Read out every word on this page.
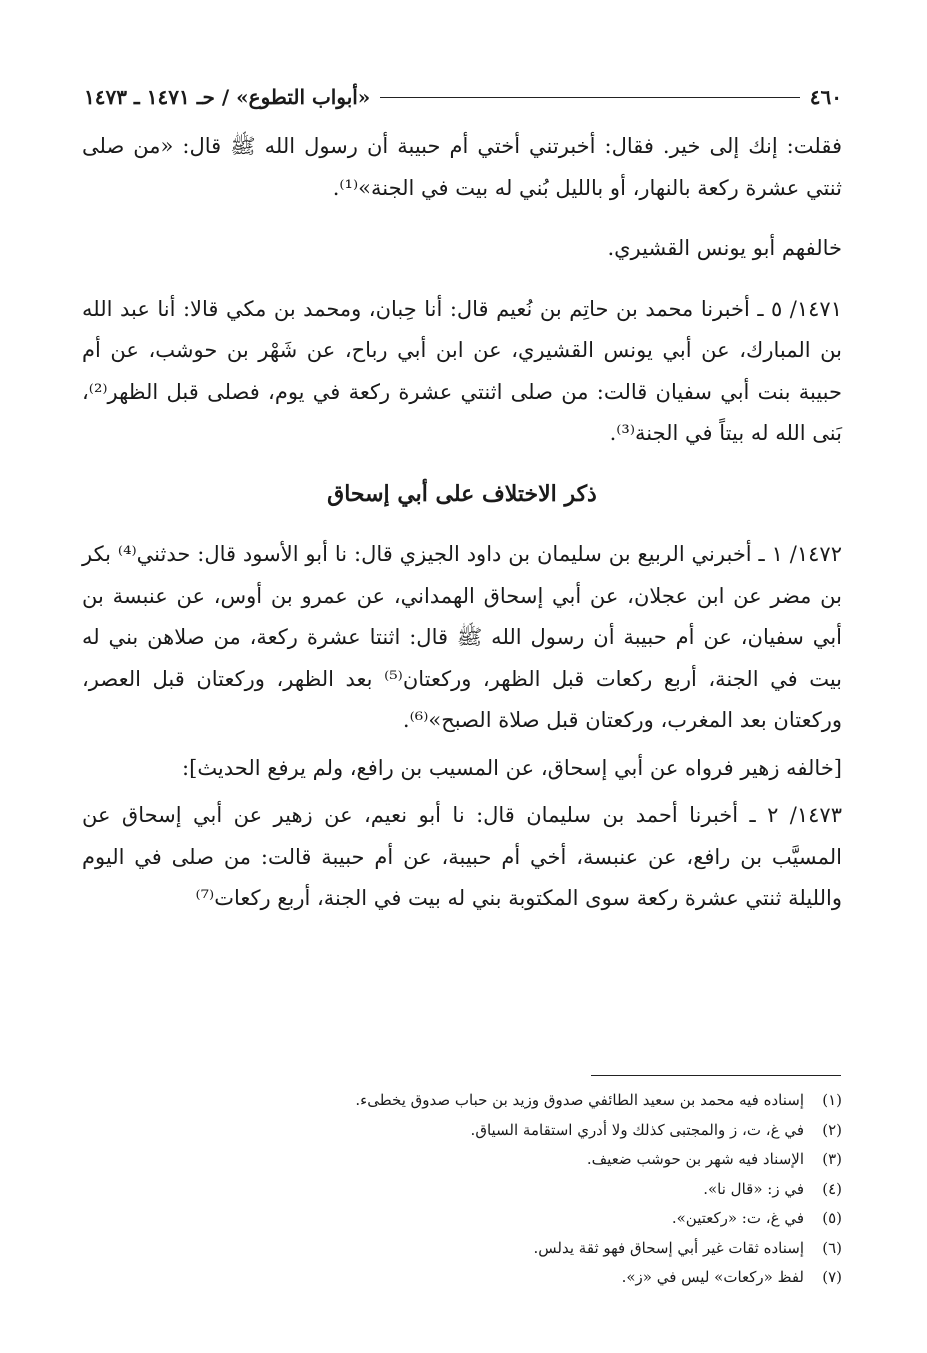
٤٦٠
«أبواب التطوع» / حـ ١٤٧١ ـ ١٤٧٣

فقلت: إنك إلى خير. فقال: أخبرتني أختي أم حبيبة أن رسول الله ﷺ قال: «من صلى ثنتي عشرة ركعة بالنهار، أو بالليل بُني له بيت في الجنة»⁽¹⁾.

خالفهم أبو يونس القشيري.

١٤٧١/ ٥ ـ أخبرنا محمد بن حاتِم بن نُعيم قال: أنا حِبان، ومحمد بن مكي قالا: أنا عبد الله بن المبارك، عن أبي يونس القشيري، عن ابن أبي رباح، عن شَهْر بن حوشب، عن أم حبيبة بنت أبي سفيان قالت: من صلى اثنتي عشرة ركعة في يوم، فصلى قبل الظهر⁽²⁾، بَنى الله له بيتاً في الجنة⁽³⁾.

ذكر الاختلاف على أبي إسحاق

١٤٧٢/ ١ ـ أخبرني الربيع بن سليمان بن داود الجيزي قال: نا أبو الأسود قال: حدثني⁽⁴⁾ بكر بن مضر عن ابن عجلان، عن أبي إسحاق الهمداني، عن عمرو بن أوس، عن عنبسة بن أبي سفيان، عن أم حبيبة أن رسول الله ﷺ قال: اثنتا عشرة ركعة، من صلاهن بني له بيت في الجنة، أربع ركعات قبل الظهر، وركعتان⁽⁵⁾ بعد الظهر، وركعتان قبل العصر، وركعتان بعد المغرب، وركعتان قبل صلاة الصبح»⁽⁶⁾.

[خالفه زهير فرواه عن أبي إسحاق، عن المسيب بن رافع، ولم يرفع الحديث]:

١٤٧٣/ ٢ ـ أخبرنا أحمد بن سليمان قال: نا أبو نعيم، عن زهير عن أبي إسحاق عن المسيَّب بن رافع، عن عنبسة، أخي أم حبيبة، عن أم حبيبة قالت: من صلى في اليوم والليلة ثنتي عشرة ركعة سوى المكتوبة بني له بيت في الجنة، أربع ركعات⁽⁷⁾

(١)
إسناده فيه محمد بن سعيد الطائفي صدوق وزيد بن حباب صدوق يخطىء.
(٢)
في غ، ت، ز والمجتبى كذلك ولا أدري استقامة السياق.
(٣)
الإسناد فيه شهر بن حوشب ضعيف.
(٤)
في ز: «قال نا».
(٥)
في غ، ت: «ركعتين».
(٦)
إسناده ثقات غير أبي إسحاق فهو ثقة يدلس.
(٧)
لفظ «ركعات» ليس في «ز».
